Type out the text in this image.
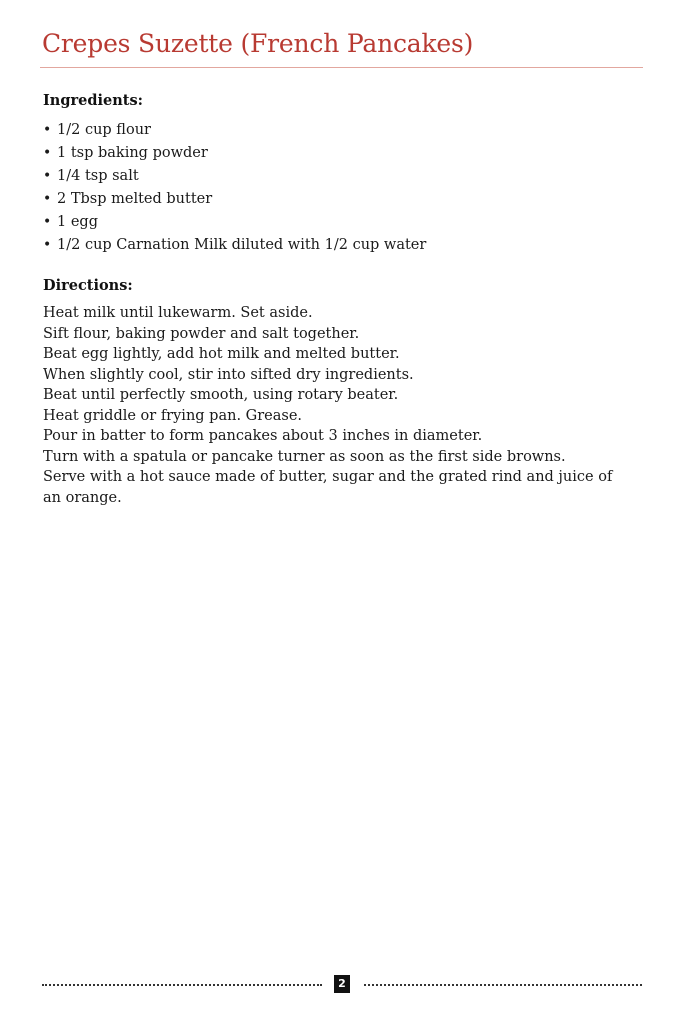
Crepes Suzette (French Pancakes)
Ingredients:
• 1/2 cup flour
• 1 tsp baking powder
• 1/4 tsp salt
• 2 Tbsp melted butter
• 1 egg
• 1/2 cup Carnation Milk diluted with 1/2 cup water
Directions:

Heat milk until lukewarm. Set aside.

Sift flour, baking powder and salt together.

Beat egg lightly, add hot milk and melted butter.

When slightly cool, stir into sifted dry ingredients.

Beat until perfectly smooth, using rotary beater.

Heat griddle or frying pan. Grease.

Pour in batter to form pancakes about 3 inches in diameter.

Turn with a spatula or pancake turner as soon as the first side browns.

Serve with a hot sauce made of butter, sugar and the grated rind and juice of an orange.

2
